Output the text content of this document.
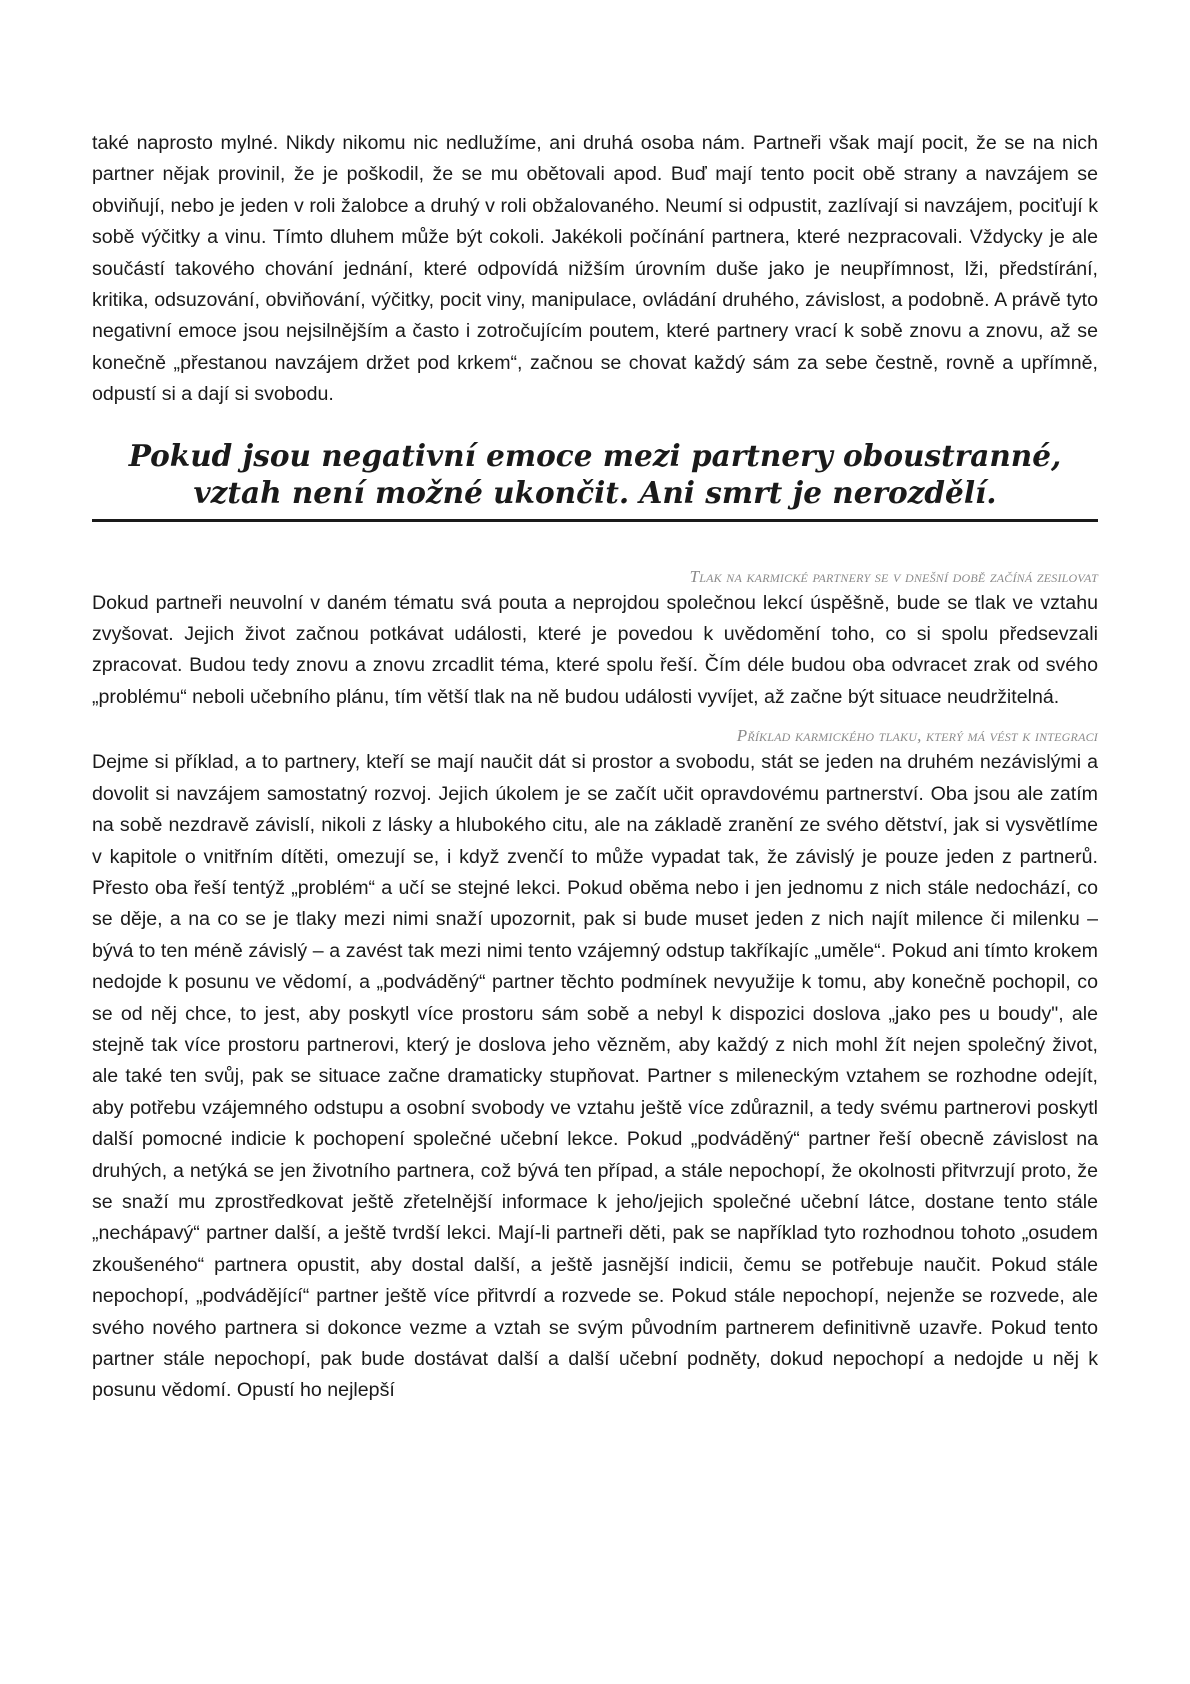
také naprosto mylné. Nikdy nikomu nic nedlužíme, ani druhá osoba nám. Partneři však mají pocit, že se na nich partner nějak provinil, že je poškodil, že se mu obětovali apod. Buď mají tento pocit obě strany a navzájem se obviňují, nebo je jeden v roli žalobce a druhý v roli obžalovaného. Neumí si odpustit, zazlívají si navzájem, pociťují k sobě výčitky a vinu. Tímto dluhem může být cokoli. Jakékoli počínání partnera, které nezpracovali. Vždycky je ale součástí takového chování jednání, které odpovídá nižším úrovním duše jako je neupřímnost, lži, předstírání, kritika, odsuzování, obviňování, výčitky, pocit viny, manipulace, ovládání druhého, závislost, a podobně. A právě tyto negativní emoce jsou nejsilnějším a často i zotročujícím poutem, které partnery vrací k sobě znovu a znovu, až se konečně „přestanou navzájem držet pod krkem“, začnou se chovat každý sám za sebe čestně, rovně a upřímně, odpustí si a dají si svobodu.

Pokud jsou negativní emoce mezi partnery oboustranné,
vztah není možné ukončit. Ani smrt je nerozdělí.
Tlak na karmické partnery se v dnešní době začíná zesilovat

Dokud partneři neuvolní v daném tématu svá pouta a neprojdou společnou lekcí úspěšně, bude se tlak ve vztahu zvyšovat. Jejich život začnou potkávat události, které je povedou k uvědomění toho, co si spolu předsevzali zpracovat. Budou tedy znovu a znovu zrcadlit téma, které spolu řeší. Čím déle budou oba odvracet zrak od svého „problému“ neboli učebního plánu, tím větší tlak na ně budou události vyvíjet, až začne být situace neudržitelná.

Příklad karmického tlaku, který má vést k integraci

Dejme si příklad, a to partnery, kteří se mají naučit dát si prostor a svobodu, stát se jeden na druhém nezávislými a dovolit si navzájem samostatný rozvoj. Jejich úkolem je se začít učit opravdovému partnerství. Oba jsou ale zatím na sobě nezdravě závislí, nikoli z lásky a hlubokého citu, ale na základě zranění ze svého dětství, jak si vysvětlíme v kapitole o vnitřním dítěti, omezují se, i když zvenčí to může vypadat tak, že závislý je pouze jeden z partnerů. Přesto oba řeší tentýž „problém“ a učí se stejné lekci. Pokud oběma nebo i jen jednomu z nich stále nedochází, co se děje, a na co se je tlaky mezi nimi snaží upozornit, pak si bude muset jeden z nich najít milence či milenku – bývá to ten méně závislý – a zavést tak mezi nimi tento vzájemný odstup takříkajíc „uměle“. Pokud ani tímto krokem nedojde k posunu ve vědomí, a „podváděný“ partner těchto podmínek nevyužije k tomu, aby konečně pochopil, co se od něj chce, to jest, aby poskytl více prostoru sám sobě a nebyl k dispozici doslova „jako pes u boudy", ale stejně tak více prostoru partnerovi, který je doslova jeho vězněm, aby každý z nich mohl žít nejen společný život, ale také ten svůj, pak se situace začne dramaticky stupňovat. Partner s mileneckým vztahem se rozhodne odejít, aby potřebu vzájemného odstupu a osobní svobody ve vztahu ještě více zdůraznil, a tedy svému partnerovi poskytl další pomocné indicie k pochopení společné učební lekce. Pokud „podváděný“ partner řeší obecně závislost na druhých, a netýká se jen životního partnera, což bývá ten případ, a stále nepochopí, že okolnosti přitvrzují proto, že se snaží mu zprostředkovat ještě zřetelnější informace k jeho/jejich společné učební látce, dostane tento stále „nechápavý“ partner další, a ještě tvrdší lekci. Mají-li partneři děti, pak se například tyto rozhodnou tohoto „osudem zkoušeného“ partnera opustit, aby dostal další, a ještě jasnější indicii, čemu se potřebuje naučit. Pokud stále nepochopí, „podvádějící“ partner ještě více přitvrdí a rozvede se. Pokud stále nepochopí, nejenže se rozvede, ale svého nového partnera si dokonce vezme a vztah se svým původním partnerem definitivně uzavře. Pokud tento partner stále nepochopí, pak bude dostávat další a další učební podněty, dokud nepochopí a nedojde u něj k posunu vědomí. Opustí ho nejlepší
